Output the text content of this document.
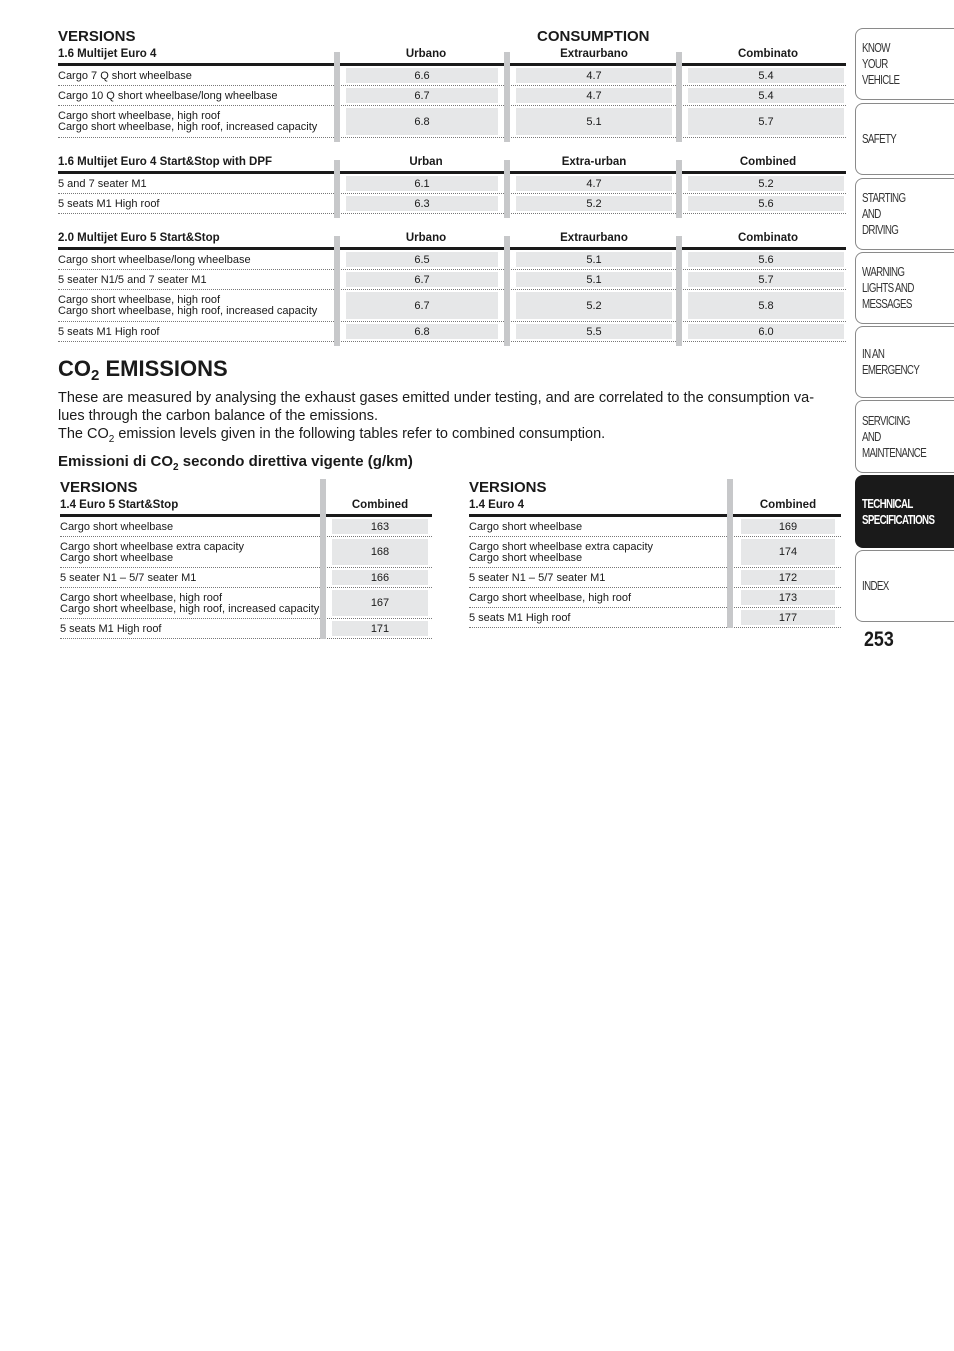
VERSIONS	CONSUMPTION
1.6 Multijet Euro 4	Urbano	Extraurbano	Combinato
Cargo 7 Q short wheelbase	6.6	4.7	5.4
Cargo 10 Q short wheelbase/long wheelbase	6.7	4.7	5.4
Cargo short wheelbase, high roof
Cargo short wheelbase, high roof, increased capacity	6.8	5.1	5.7
1.6 Multijet Euro 4 Start&Stop with DPF	Urban	Extra-urban	Combined
5 and 7 seater M1	6.1	4.7	5.2
5 seats M1 High roof	6.3	5.2	5.6
2.0 Multijet Euro 5 Start&Stop	Urbano	Extraurbano	Combinato
Cargo short wheelbase/long wheelbase	6.5	5.1	5.6
5 seater N1/5 and 7 seater M1	6.7	5.1	5.7
Cargo short wheelbase, high roof
Cargo short wheelbase, high roof, increased capacity	6.7	5.2	5.8
5 seats M1 High roof	6.8	5.5	6.0
$CO_2$ EMISSIONS
These are measured by analysing the exhaust gases emitted under testing, and are correlated to the consumption va-
lues through the carbon balance of the emissions.
The $CO_2$ emission levels given in the following tables refer to combined consumption.
Emissioni di $CO_2$ secondo direttiva vigente (g/km)
VERSIONS
1.4 Euro 5 Start&Stop	Combined
Cargo short wheelbase	163
Cargo short wheelbase extra capacity
Cargo short wheelbase	168
5 seater N1 – 5/7 seater M1	166
Cargo short wheelbase, high roof
Cargo short wheelbase, high roof, increased capacity	167
5 seats M1 High roof	171
VERSIONS
1.4 Euro 4	Combined
Cargo short wheelbase	169
Cargo short wheelbase extra capacity
Cargo short wheelbase	174
5 seater N1 – 5/7 seater M1	172
Cargo short wheelbase, high roof	173
5 seats M1 High roof	177
KNOW
YOUR
VEHICLE
SAFETY
STARTING
AND
DRIVING
WARNING
LIGHTS AND
MESSAGES
IN AN
EMERGENCY
SERVICING
AND
MAINTENANCE
TECHNICAL
SPECIFICATIONS
INDEX
253
